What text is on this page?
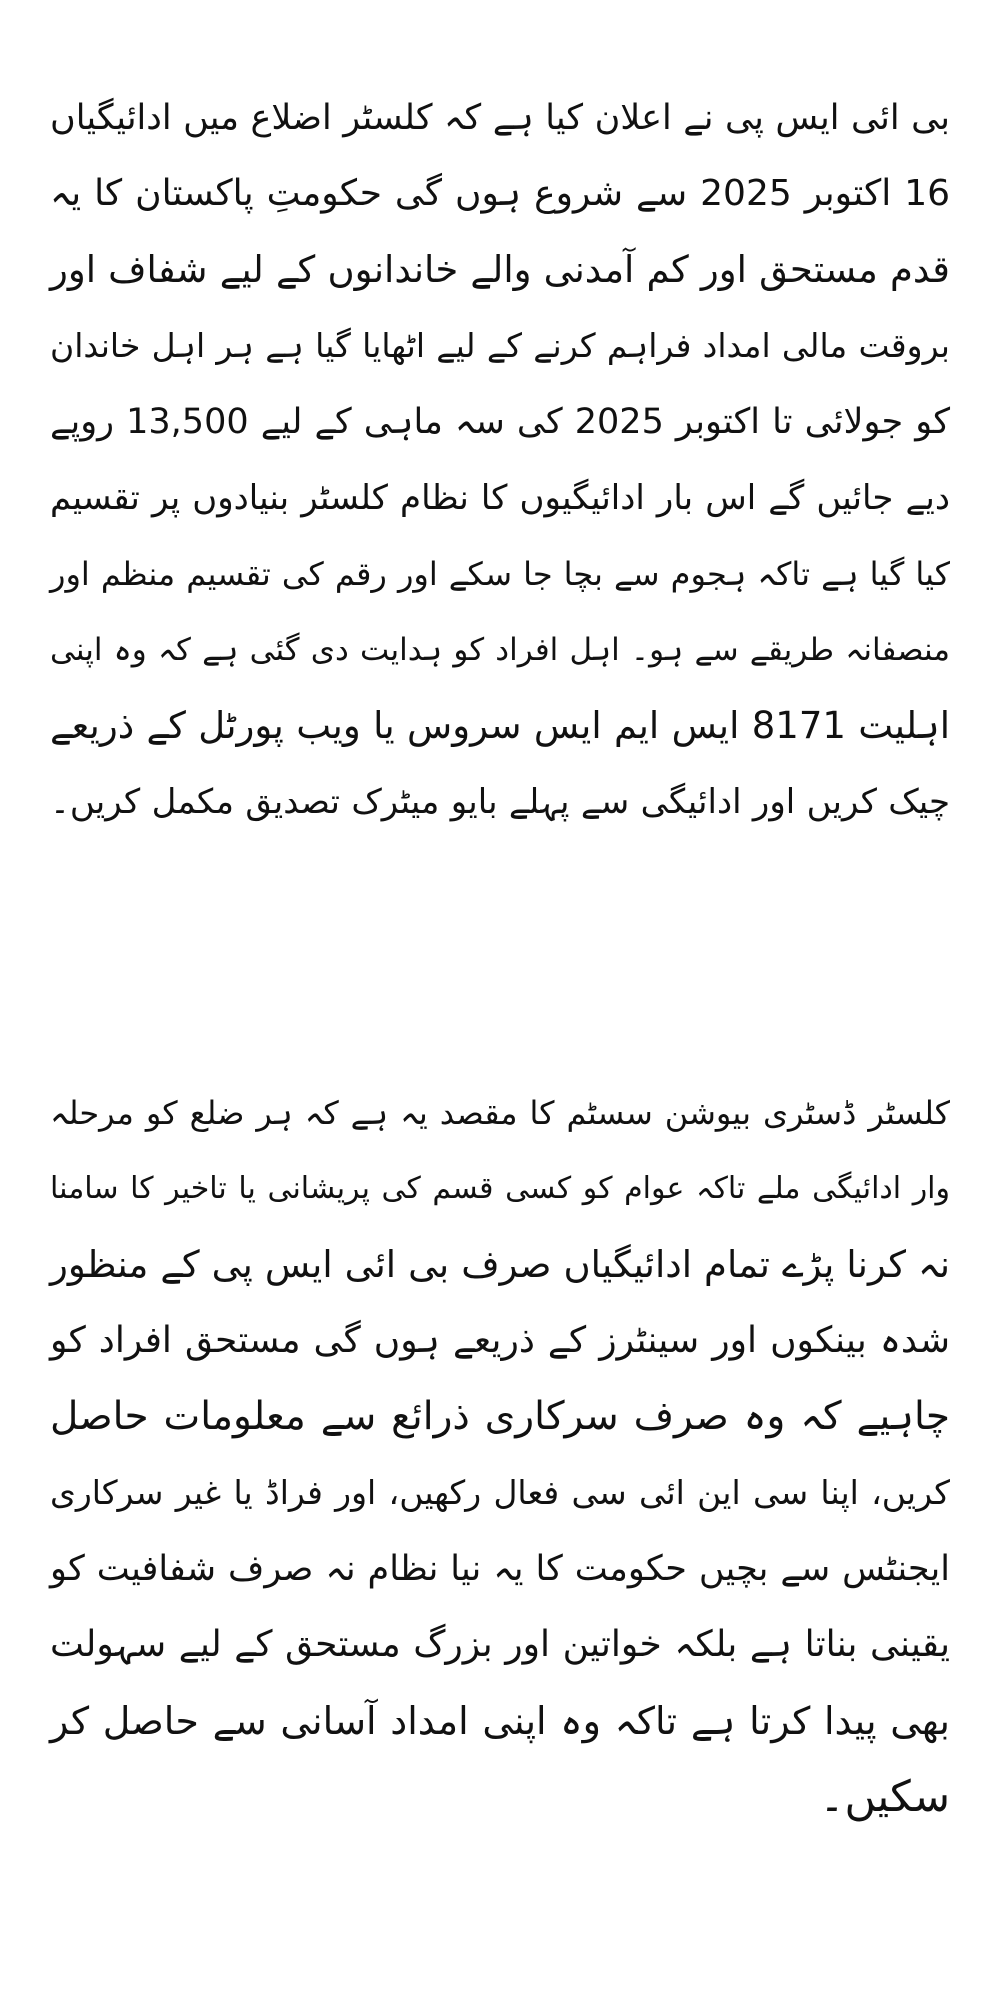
بی ائی ایس پی نے اعلان کیا ہے کہ کلسٹر اضلاع میں ادائیگیاں
16 اکتوبر 2025 سے شروع ہوں گی حکومتِ پاکستان کا یہ
قدم مستحق اور کم آمدنی والے خاندانوں کے لیے شفاف اور
بروقت مالی امداد فراہم کرنے کے لیے اٹھایا گیا ہے ہر اہل خاندان
کو جولائی تا اکتوبر 2025 کی سہ ماہی کے لیے 13,500 روپے
دیے جائیں گے اس بار ادائیگیوں کا نظام کلسٹر بنیادوں پر تقسیم
کیا گیا ہے تاکہ ہجوم سے بچا جا سکے اور رقم کی تقسیم منظم اور
منصفانہ طریقے سے ہو۔ اہل افراد کو ہدایت دی گئی ہے کہ وہ اپنی
اہلیت 8171 ایس ایم ایس سروس یا ویب پورٹل کے ذریعے
چیک کریں اور ادائیگی سے پہلے بایو میٹرک تصدیق مکمل کریں۔
کلسٹر ڈسٹری بیوشن سسٹم کا مقصد یہ ہے کہ ہر ضلع کو مرحلہ
وار ادائیگی ملے تاکہ عوام کو کسی قسم کی پریشانی یا تاخیر کا سامنا
نہ کرنا پڑے تمام ادائیگیاں صرف بی ائی ایس پی کے منظور
شدہ بینکوں اور سینٹرز کے ذریعے ہوں گی مستحق افراد کو
چاہیے کہ وہ صرف سرکاری ذرائع سے معلومات حاصل
کریں، اپنا سی این ائی سی فعال رکھیں، اور فراڈ یا غیر سرکاری
ایجنٹس سے بچیں حکومت کا یہ نیا نظام نہ صرف شفافیت کو
یقینی بناتا ہے بلکہ خواتین اور بزرگ مستحق کے لیے سہولت
بھی پیدا کرتا ہے تاکہ وہ اپنی امداد آسانی سے حاصل کر
سکیں۔
